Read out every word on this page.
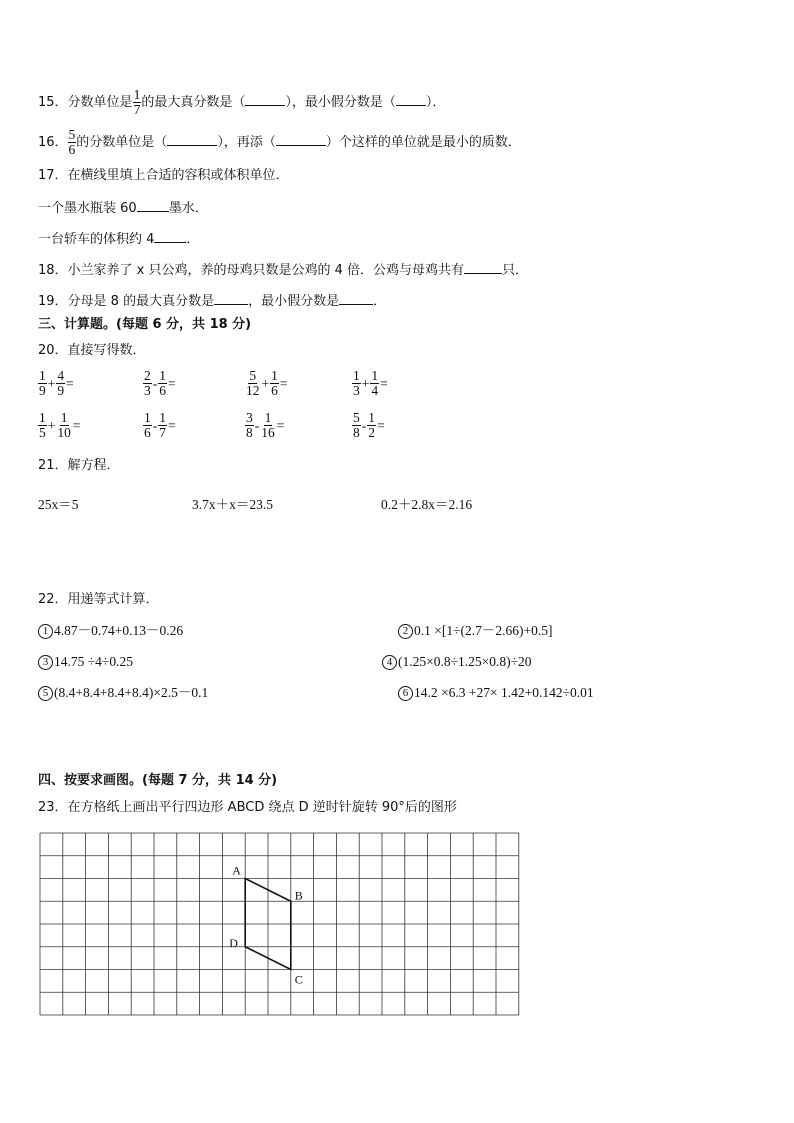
15．分数单位是 $\frac{1}{7}$ 的最大真分数是（	），最小假分数是（ ）．
16． $\frac{5}{6}$ 的分数单位是（	），再添（	）个这样的单位就是最小的质数．
17．在横线里填上合适的容积或体积单位．
一个墨水瓶装 60 墨水．
一台轿车的体积约 4 ．
18．小兰家养了 x 只公鸡，养的母鸡只数是公鸡的 4 倍．公鸡与母鸡共有	只．
19．分母是 8 的最大真分数是	，最小假分数是	．
三、计算题。(每题 6 分，共 18 分)
20．直接写得数．
$\frac{1}{9} + \frac{4}{9}$ =	$\frac{2}{3} - \frac{1}{6}$ =	$\frac{5}{12} + \frac{1}{6}$ =	$\frac{1}{3} + \frac{1}{4}$ =
$\frac{1}{5} + \frac{1}{10}$ =	$\frac{1}{6} - \frac{1}{7}$ =	$\frac{3}{8} - \frac{1}{16}$ =	$\frac{5}{8} - \frac{1}{2}$ =
21．解方程．
25x＝5	3.7x＋x＝23.5	0.2＋2.8x＝2.16
22．用递等式计算．
1 4.87－0.74+0.13－0.26	2 0.1 ×[1÷(2.7－2.66)+0.5]
3 14.75 ÷4÷0.25	4 (1.25×0.8÷1.25×0.8)÷20
5 (8.4+8.4+8.4+8.4)×2.5－0.1	6 14.2 ×6.3 +27× 1.42+0.142÷0.01
四、按要求画图。(每题 7 分，共 14 分)
23．在方格纸上画出平行四边形 ABCD 绕点 D 逆时针旋转 90°后的图形
A
B
C
D
